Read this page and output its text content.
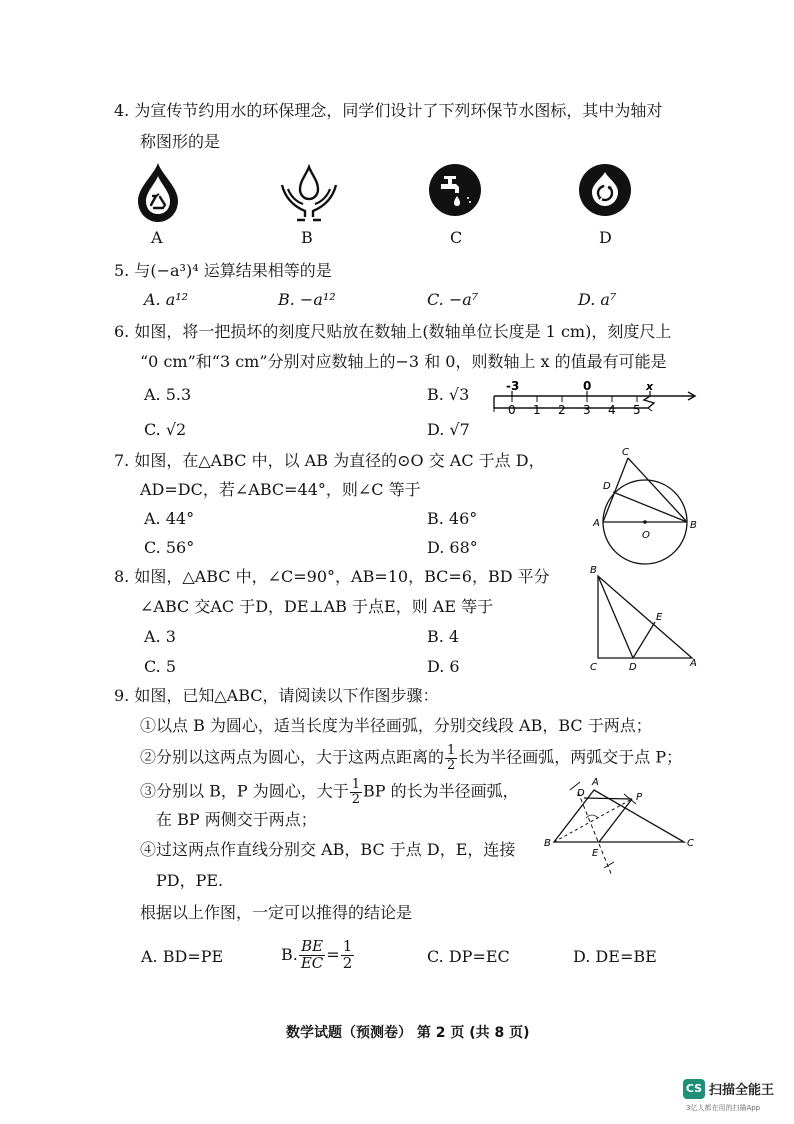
4. 为宣传节约用水的环保理念，同学们设计了下列环保节水图标，其中为轴对
称图形的是
A	B	C	D
5. 与(−a³)⁴ 运算结果相等的是
A. a¹²	B. −a¹²	C. −a⁷	D. a⁷
6. 如图，将一把损坏的刻度尺贴放在数轴上(数轴单位长度是 1 cm)，刻度尺上
“0 cm”和“3 cm”分别对应数轴上的−3 和 0，则数轴上 x 的值最有可能是
A. 5.3	B. √3
C. √2	D. √7
-3	0	x
0 1 2 3 4 5
7. 如图，在△ABC 中，以 AB 为直径的⊙O 交 AC 于点 D，
AD=DC，若∠ABC=44°，则∠C 等于
A. 44°	B. 46°
C. 56°	D. 68°
C
D
A
O
B
8. 如图，△ABC 中，∠C=90°，AB=10，BC=6，BD 平分
∠ABC 交AC 于D，DE⊥AB 于点E，则 AE 等于
A. 3	B. 4
C. 5	D. 6
B
E
C	D	A
9. 如图，已知△ABC，请阅读以下作图步骤：
①以点 B 为圆心，适当长度为半径画弧，分别交线段 AB，BC 于两点；
②分别以这两点为圆心，大于这两点距离的 $\frac{1}{2}$ 长为半径画弧，两弧交于点 P；
③分别以 B，P 为圆心，大于 $\frac{1}{2}$ BP 的长为半径画弧，
在 BP 两侧交于两点；
④过这两点作直线分别交 AB，BC 于点 D，E，连接
PD，PE.
根据以上作图，一定可以推得的结论是
A. BD=PE	B. $\frac{BE}{EC} = \frac{1}{2}$	C. DP=EC	D. DE=BE
A
D	P
B
E
C
数学试题（预测卷） 第 2 页 (共 8 页)
CS 扫描全能王
3亿人都在用的扫描App
